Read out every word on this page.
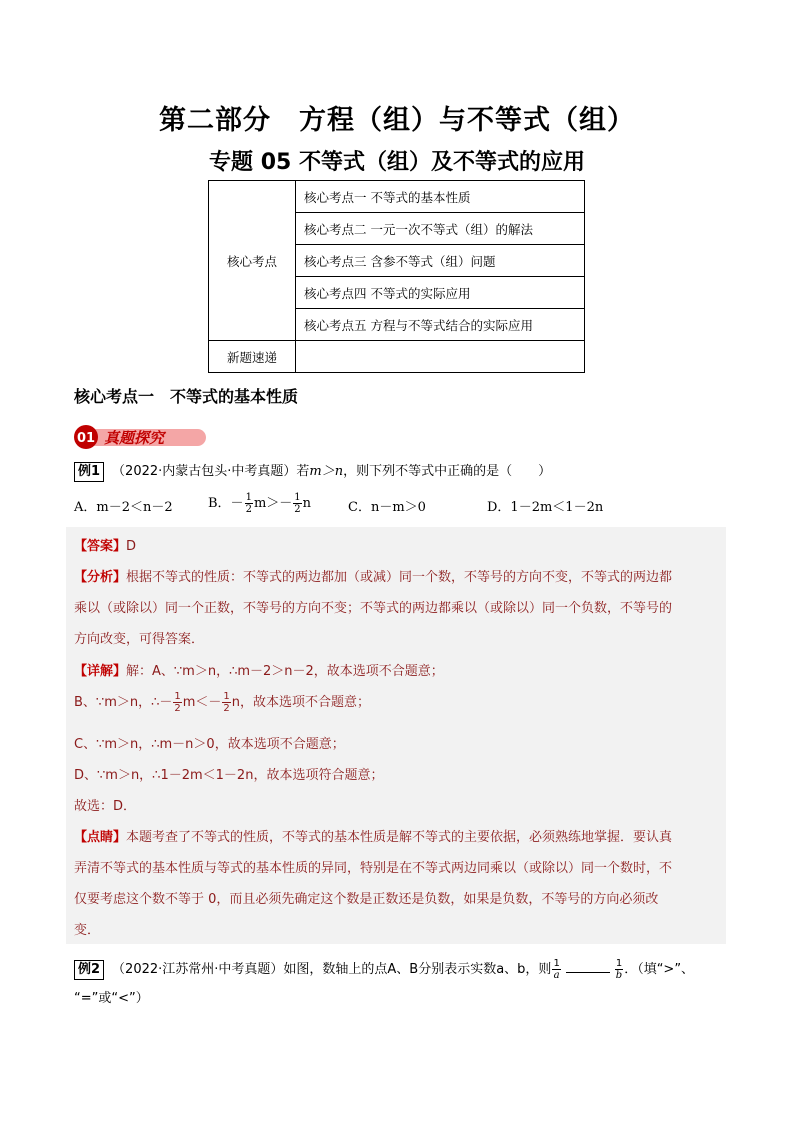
第二部分　方程（组）与不等式（组）
专题 05 不等式（组）及不等式的应用
核心考点	核心考点一 不等式的基本性质
	核心考点二 一元一次不等式（组）的解法
	核心考点三 含参不等式（组）问题
	核心考点四 不等式的实际应用
	核心考点五 方程与不等式结合的实际应用
新题速递	
核心考点一　不等式的基本性质
01 真题探究
例1 （2022·内蒙古包头·中考真题）若m＞n，则下列不等式中正确的是（　　）
A．m－2＜n－2	B．－ $\frac{1}{2} m>- \frac{1}{2}$ n	C．n－m＞0	D．1－2m＜1－2n
【答案】D
【分析】根据不等式的性质：不等式的两边都加（或减）同一个数，不等号的方向不变，不等式的两边都
乘以（或除以）同一个正数，不等号的方向不变；不等式的两边都乘以（或除以）同一个负数，不等号的
方向改变，可得答案．
【详解】解：A、∵m＞n，∴m－2＞n－2，故本选项不合题意；
B、∵m＞n，∴－ $\frac{1}{2} m<- \frac{1}{2}$ n，故本选项不合题意；
C、∵m＞n，∴m－n＞0，故本选项不合题意；
D、∵m＞n，∴1－2m＜1－2n，故本选项符合题意；
故选：D．
【点睛】本题考查了不等式的性质，不等式的基本性质是解不等式的主要依据，必须熟练地掌握．要认真
弄清不等式的基本性质与等式的基本性质的异同，特别是在不等式两边同乘以（或除以）同一个数时，不
仅要考虑这个数不等于 0，而且必须先确定这个数是正数还是负数，如果是负数，不等号的方向必须改
变．
例2 （2022·江苏常州·中考真题）如图，数轴上的点A、B分别表示实数a、b，则 $\frac{1}{a}$	$\frac{1}{b}$ ．（填“>”、
“=”或“<”）
